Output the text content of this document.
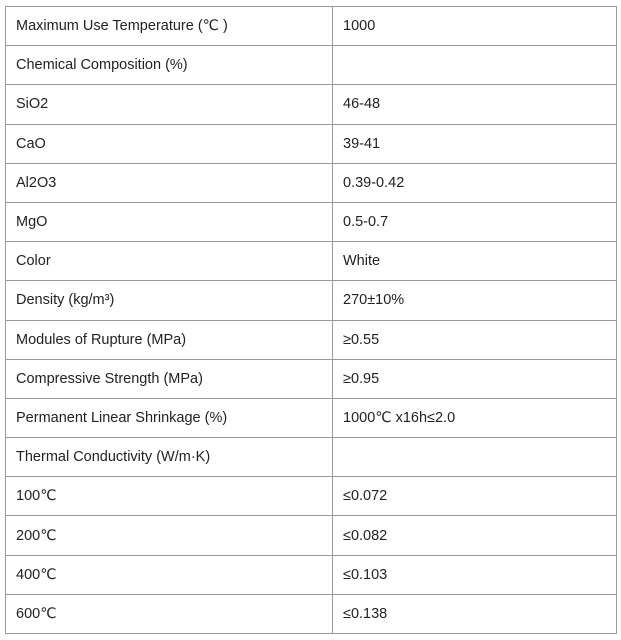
Maximum Use Temperature (℃ )	1000
Chemical Composition (%)	
SiO2	46-48
CaO	39-41
Al2O3	0.39-0.42
MgO	0.5-0.7
Color	White
Density (kg/m³)	270±10%
Modules of Rupture (MPa)	≥0.55
Compressive Strength (MPa)	≥0.95
Permanent Linear Shrinkage (%)	1000℃ x16h≤2.0
Thermal Conductivity (W/m·K)	
100℃	≤0.072
200℃	≤0.082
400℃	≤0.103
600℃	≤0.138
